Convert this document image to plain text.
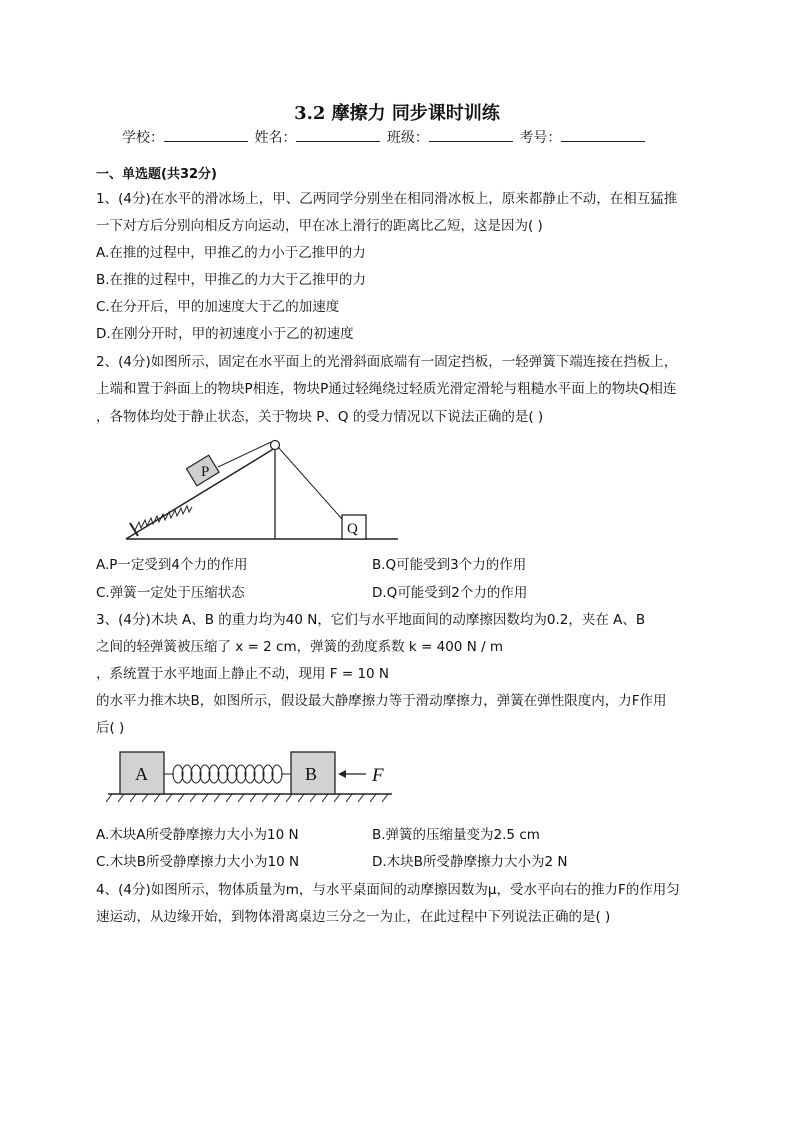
3.2 摩擦力 同步课时训练
学校：	姓名：	班级：	考号：
一、单选题(共32分)
1、(4分)在水平的滑冰场上，甲、乙两同学分别坐在相同滑冰板上，原来都静止不动，在相互猛推
一下对方后分别向相反方向运动，甲在冰上滑行的距离比乙短，这是因为( )
A.在推的过程中，甲推乙的力小于乙推甲的力
B.在推的过程中，甲推乙的力大于乙推甲的力
C.在分开后，甲的加速度大于乙的加速度
D.在刚分开时，甲的初速度小于乙的初速度
2、(4分)如图所示，固定在水平面上的光滑斜面底端有一固定挡板，一轻弹簧下端连接在挡板上，
上端和置于斜面上的物块P相连，物块P通过轻绳绕过轻质光滑定滑轮与粗糙水平面上的物块Q相连
，各物体均处于静止状态，关于物块 P、Q 的受力情况以下说法正确的是( )
P
Q
A.P一定受到4个力的作用	B.Q可能受到3个力的作用
C.弹簧一定处于压缩状态	D.Q可能受到2个力的作用
3、(4分)木块 A、B 的重力均为40 N，它们与水平地面间的动摩擦因数均为0.2，夹在 A、B
之间的轻弹簧被压缩了 x = 2 cm，弹簧的劲度系数 k = 400 N / m
，系统置于水平地面上静止不动，现用 F = 10 N
的水平力推木块B，如图所示，假设最大静摩擦力等于滑动摩擦力，弹簧在弹性限度内，力F作用
后( )
A	B	F
A.木块A所受静摩擦力大小为10 N	B.弹簧的压缩量变为2.5 cm
C.木块B所受静摩擦力大小为10 N	D.木块B所受静摩擦力大小为2 N
4、(4分)如图所示，物体质量为m，与水平桌面间的动摩擦因数为μ，受水平向右的推力F的作用匀
速运动，从边缘开始，到物体滑离桌边三分之一为止，在此过程中下列说法正确的是( )
